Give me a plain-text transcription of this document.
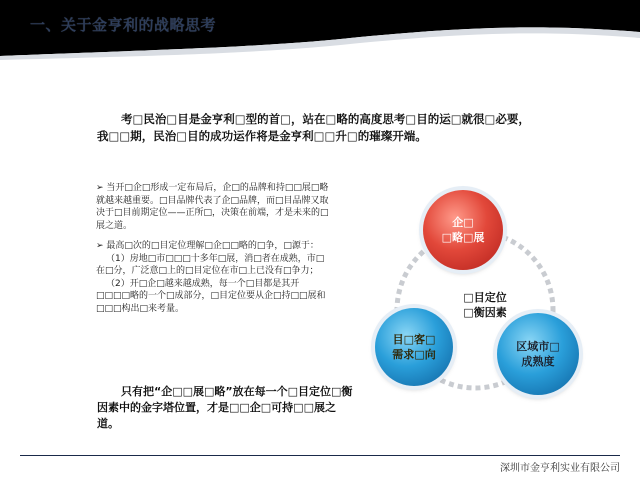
一、关于金亨利的战略思考
考□民治□目是金亨利□型的首□，站在□略的高度思考□目的运□就很□必要，我□□期，民治□目的成功运作将是金亨利□□升□的璀璨开端。
➢ 当开□企□形成一定布局后，企□的品牌和持□□展□略就越来越重要。□目品牌代表了企□品牌，而□目品牌又取决于□目前期定位——正所□，决策在前端，才是未来的□展之道。
➢ 最高□次的□目定位理解□企□□略的□争，□源于：
（1）房地□市□□□十多年□展，消□者在成熟，市□在□分，广泛意□上的□目定位在市□上已没有□争力；
（2）开□企□越来越成熟，每一个□目都是其开□□□□略的一个□成部分，□目定位要从企□持□□展和□□□构出□来考量。
只有把“企□□展□略”放在每一个□目定位□衡因素中的金字塔位置，才是□□企□可持□□展之道。
企□
□略□展
□目定位
□衡因素
目□客□
需求□向
区域市□
成熟度
深圳市金亨利实业有限公司
